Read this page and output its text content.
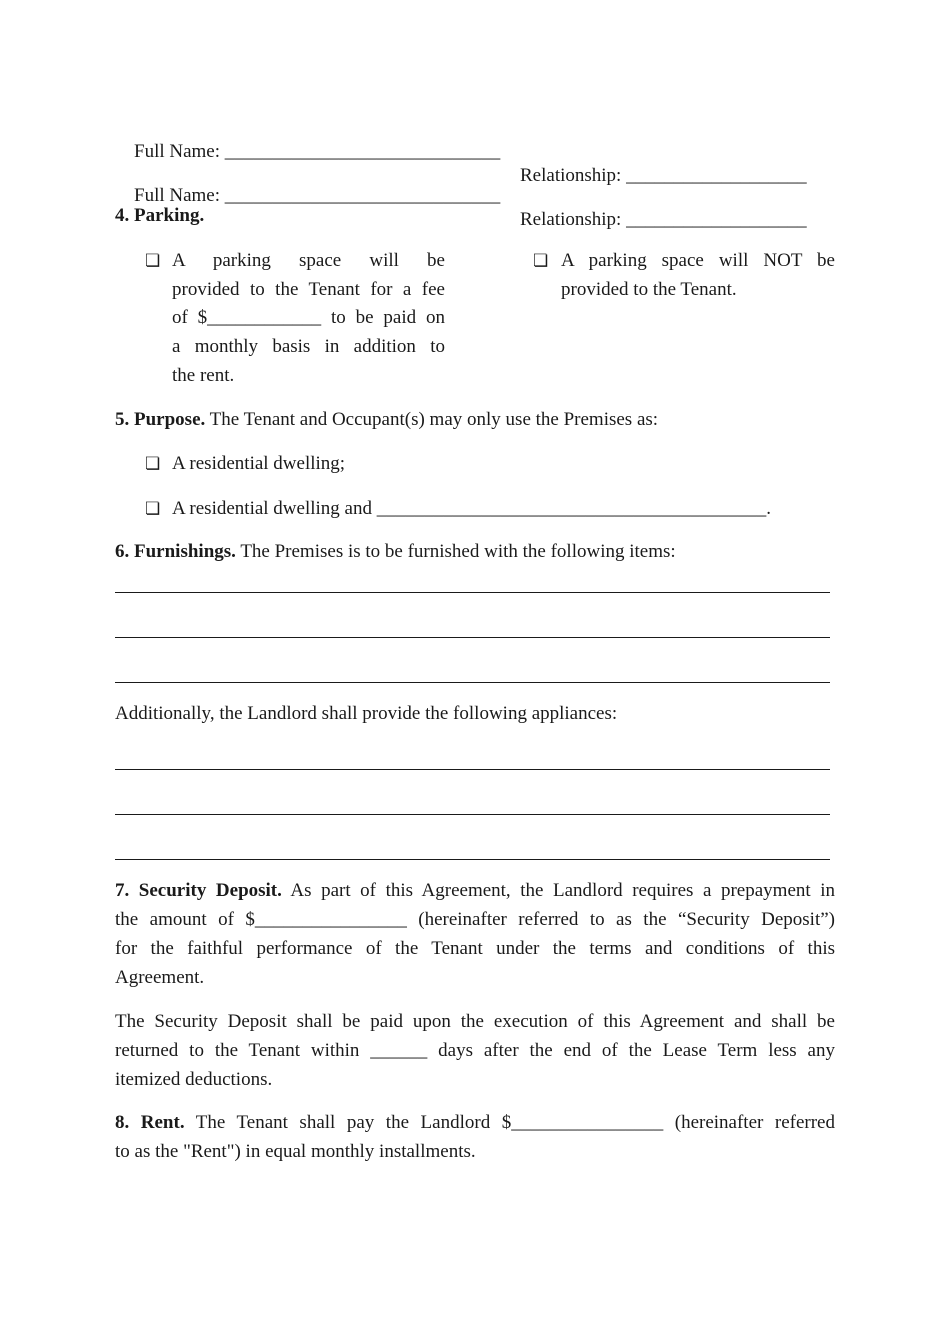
Full Name: _____________________________

Relationship: ___________________

Full Name: _____________________________

Relationship: ___________________

4. Parking.
❏ A parking space will be
provided to the Tenant for a fee
of $____________ to be paid on
a monthly basis in addition to
the rent.
❏ A parking space will NOT be
provided to the Tenant.
5. Purpose. The Tenant and Occupant(s) may only use the Premises as:
❏ A residential dwelling;
❏ A residential dwelling and _________________________________________.
6. Furnishings. The Premises is to be furnished with the following items:
Additionally, the Landlord shall provide the following appliances:
7. Security Deposit. As part of this Agreement, the Landlord requires a prepayment in
the amount of $________________ (hereinafter referred to as the “Security Deposit”)
for the faithful performance of the Tenant under the terms and conditions of this
Agreement.
The Security Deposit shall be paid upon the execution of this Agreement and shall be
returned to the Tenant within ______ days after the end of the Lease Term less any
itemized deductions.
8. Rent. The Tenant shall pay the Landlord $________________ (hereinafter referred
to as the "Rent") in equal monthly installments.
